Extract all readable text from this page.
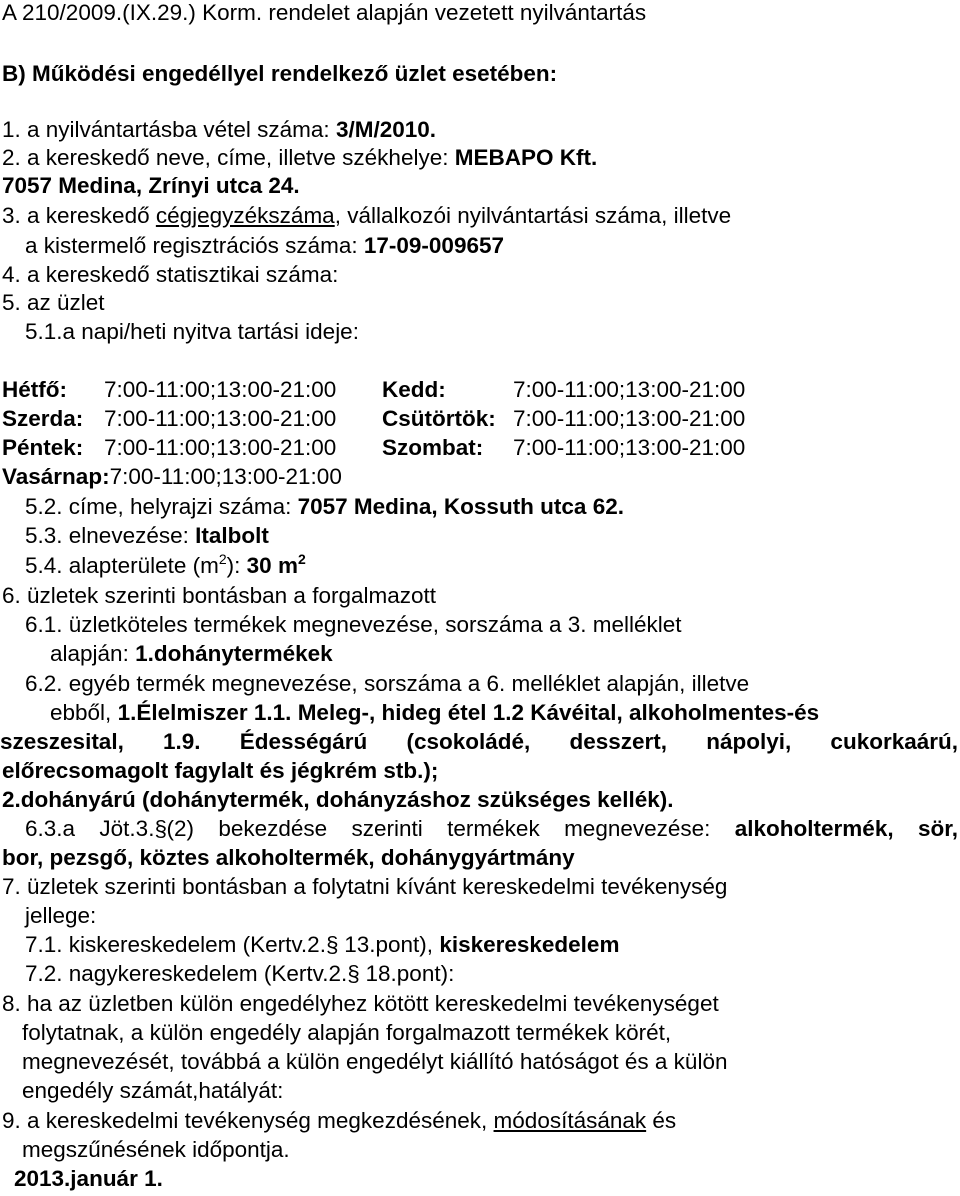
A 210/2009.(IX.29.) Korm. rendelet alapján vezetett nyilvántartás
B) Működési engedéllyel rendelkező üzlet esetében:
1. a nyilvántartásba vétel száma: 3/M/2010.
2. a kereskedő neve, címe, illetve székhelye: MEBAPO Kft.
7057 Medina, Zrínyi utca 24.
3. a kereskedő cégjegyzékszáma, vállalkozói nyilvántartási száma, illetve
a kistermelő regisztrációs száma: 17-09-009657
4. a kereskedő statisztikai száma:
5. az üzlet
5.1.a napi/heti nyitva tartási ideje:
Hétfő: 7:00-11:00;13:00-21:00 Kedd:	7:00-11:00;13:00-21:00
Szerda: 7:00-11:00;13:00-21:00 Csütörtök: 7:00-11:00;13:00-21:00
Péntek: 7:00-11:00;13:00-21:00 Szombat: 7:00-11:00;13:00-21:00
Vasárnap:7:00-11:00;13:00-21:00
5.2. címe, helyrajzi száma: 7057 Medina, Kossuth utca 62.
5.3. elnevezése: Italbolt
5.4. alapterülete $(m^2)$: 30 $m^2$
6. üzletek szerinti bontásban a forgalmazott
6.1. üzletköteles termékek megnevezése, sorszáma a 3. melléklet
alapján: 1.dohánytermékek
6.2. egyéb termék megnevezése, sorszáma a 6. melléklet alapján, illetve
ebből, 1.Élelmiszer 1.1. Meleg-, hideg étel 1.2 Kávéital, alkoholmentes-és
szeszesital, 1.9. Édességárú (csokoládé, desszert, nápolyi, cukorkaárú,
előrecsomagolt fagylalt és jégkrém stb.);
2.dohányárú (dohánytermék, dohányzáshoz szükséges kellék).
6.3.a Jöt.3.§(2) bekezdése szerinti termékek megnevezése: alkoholtermék, sör,
bor, pezsgő, köztes alkoholtermék, dohánygyártmány
7. üzletek szerinti bontásban a folytatni kívánt kereskedelmi tevékenység
jellege:
7.1. kiskereskedelem (Kertv.2.§ 13.pont), kiskereskedelem
7.2. nagykereskedelem (Kertv.2.§ 18.pont):
8. ha az üzletben külön engedélyhez kötött kereskedelmi tevékenységet
folytatnak, a külön engedély alapján forgalmazott termékek körét,
megnevezését, továbbá a külön engedélyt kiállító hatóságot és a külön
engedély számát,hatályát:
9. a kereskedelmi tevékenység megkezdésének, módosításának és
megszűnésének időpontja.
2013.január 1.
